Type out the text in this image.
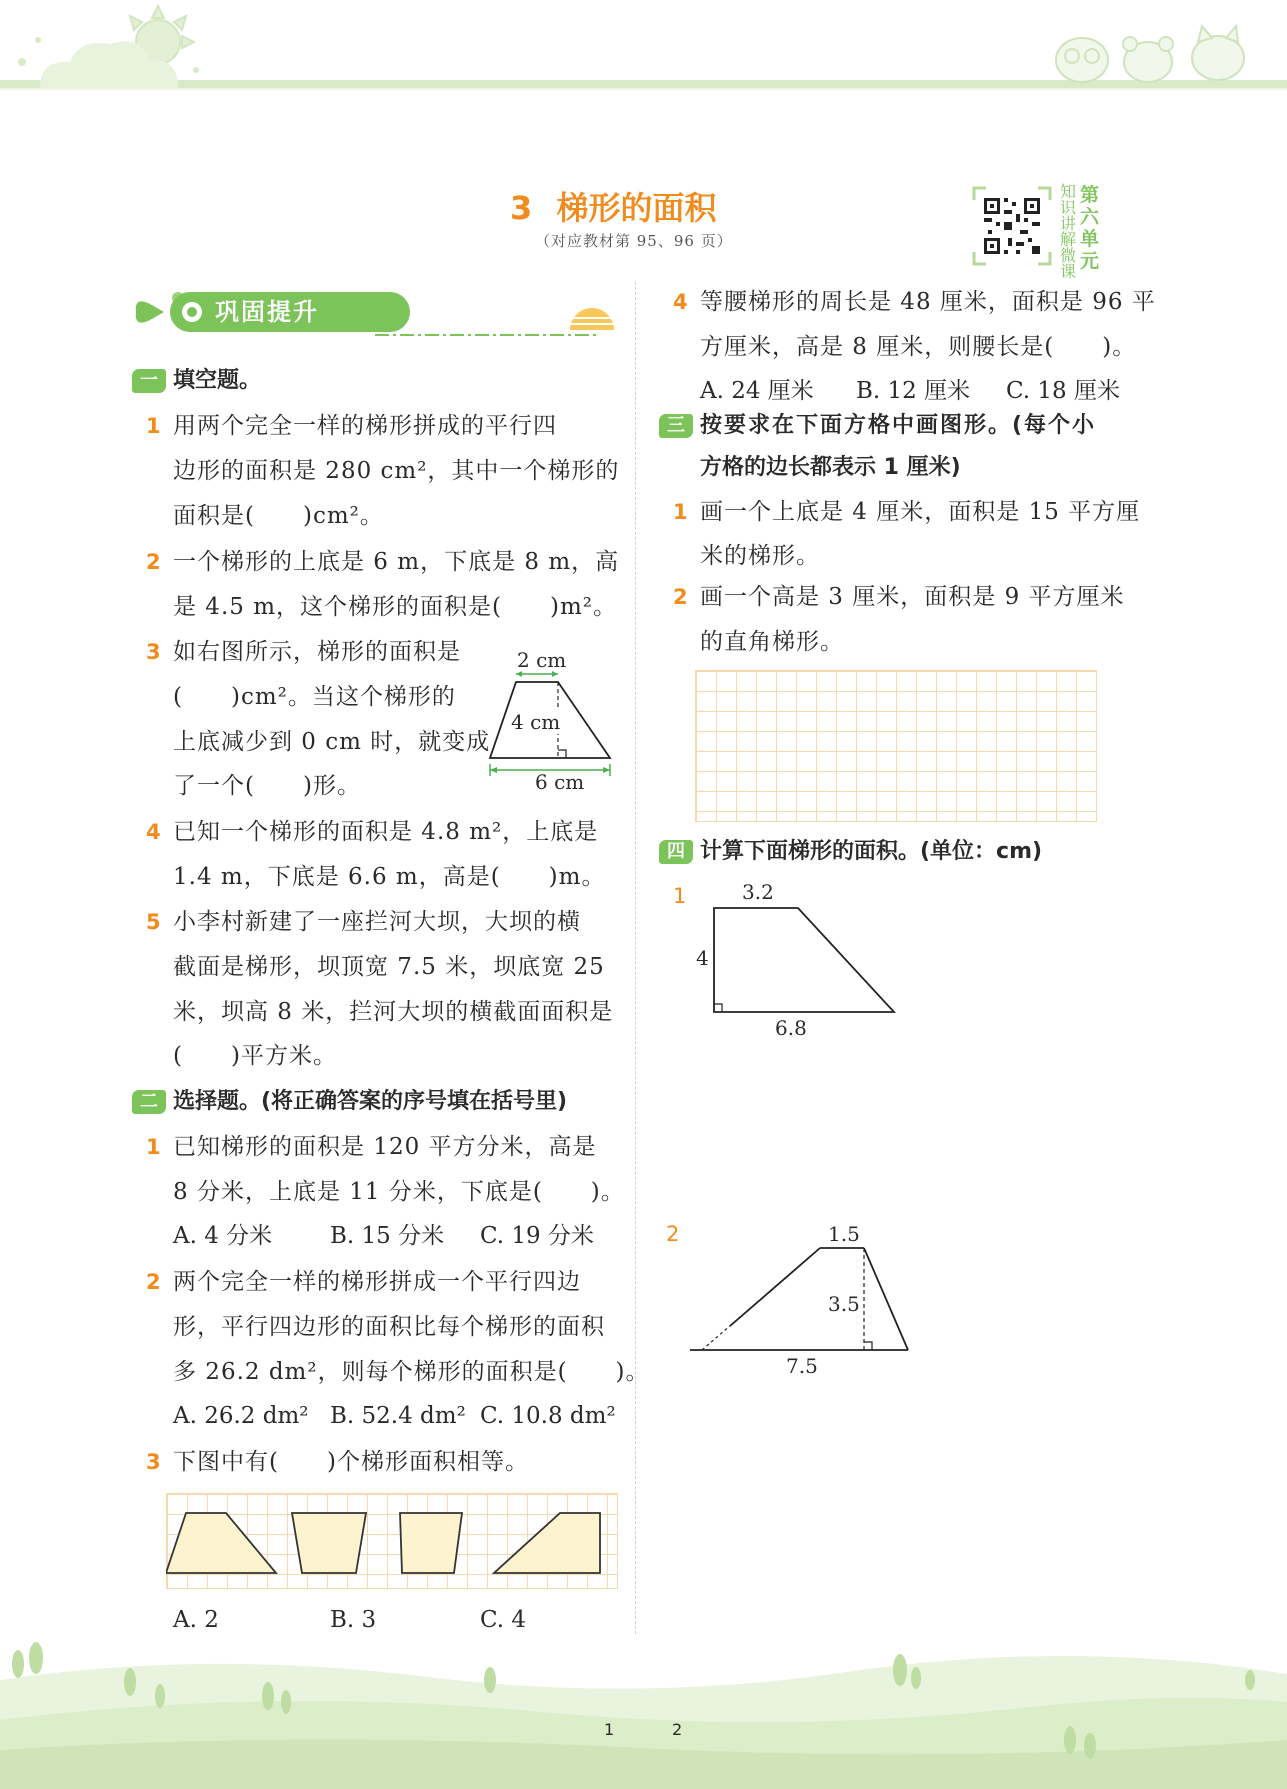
3 梯形的面积
（对应教材第 95、96 页）
知
识
讲
解
微
课
第
六
单
元
巩固提升
一 填空题。
1 用两个完全一样的梯形拼成的平行四
边形的面积是 280 cm²，其中一个梯形的
面积是(　　)cm²。
2 一个梯形的上底是 6 m，下底是 8 m，高
是 4.5 m，这个梯形的面积是(　　)m²。
3 如右图所示，梯形的面积是
(　　)cm²。当这个梯形的
上底减少到 0 cm 时，就变成
了一个(　　)形。
2 cm
4 cm
6 cm
4 已知一个梯形的面积是 4.8 m²，上底是
1.4 m，下底是 6.6 m，高是(　　)m。
5 小李村新建了一座拦河大坝，大坝的横
截面是梯形，坝顶宽 7.5 米，坝底宽 25
米，坝高 8 米，拦河大坝的横截面面积是
(　　)平方米。
二 选择题。(将正确答案的序号填在括号里)
1 已知梯形的面积是 120 平方分米，高是
8 分米，上底是 11 分米，下底是(　　)。
A. 4 分米	B. 15 分米 C. 19 分米
2 两个完全一样的梯形拼成一个平行四边
形，平行四边形的面积比每个梯形的面积
多 26.2 dm²，则每个梯形的面积是(　　)。
A. 26.2 dm² B. 52.4 dm² C. 10.8 dm²
3 下图中有(　　)个梯形面积相等。
A. 2	B. 3	C. 4
4 等腰梯形的周长是 48 厘米，面积是 96 平
方厘米，高是 8 厘米，则腰长是(　　)。
A. 24 厘米 B. 12 厘米 C. 18 厘米
三 按要求在下面方格中画图形。(每个小
方格的边长都表示 1 厘米)
1 画一个上底是 4 厘米，面积是 15 平方厘
米的梯形。
2 画一个高是 3 厘米，面积是 9 平方厘米
的直角梯形。
四 计算下面梯形的面积。(单位：cm)
1	3.2
4
6.8
2	1.5
3.5
7.5
1	2
